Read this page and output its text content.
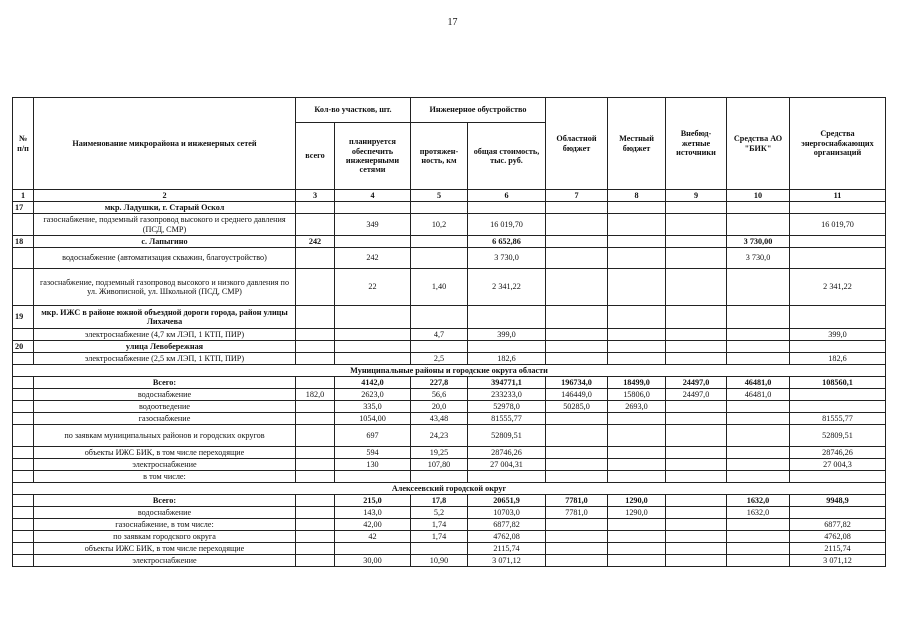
17
№ п/п	Наименование микрорайона и инженерных сетей	Кол-во участков, шт.		Инженерное обустройство		Областной бюджет	Местный бюджет	Внебюд-жетные источники	Средства АО "БИК"	Средства энергоснабжающих организаций
		всего	планируется обеспечить инженерными сетями	протяжен-ность, км	общая стоимость, тыс. руб.					
1	2	3	4	5	6	7	8	9	10	11
17	мкр. Ладушки, г. Старый Оскол									
	газоснабжение, подземный газопровод высокого и среднего давления (ПСД, СМР)		349	10,2	16 019,70					16 019,70
18	с. Лапыгино	242			6 652,86				3 730,00	
	водоснабжение (автоматизация скважин, благоустройство)		242		3 730,0				3 730,0	
	газоснабжение, подземный газопровод высокого и низкого давления по ул. Живописной, ул. Школьной (ПСД, СМР)		22	1,40	2 341,22					2 341,22
19	мкр. ИЖС в районе южной объездной дороги города, район улицы Лихачева									
	электроснабжение (4,7 км ЛЭП, 1 КТП, ПИР)			4,7	399,0					399,0
20	улица Левобережная									
	электроснабжение (2,5 км ЛЭП, 1 КТП, ПИР)			2,5	182,6					182,6
Муниципальные районы и городские округа области										
	Всего:		4142,0	227,8	394771,1	196734,0	18499,0	24497,0	46481,0	108560,1
	водоснабжение	182,0	2623,0	56,6	233233,0	146449,0	15806,0	24497,0	46481,0	
	водоотведение		335,0	20,0	52978,0	50285,0	2693,0			
	газоснабжение		1054,00	43,48	81555,77					81555,77
	по заявкам муниципальных районов и городских округов		697	24,23	52809,51					52809,51
	объекты ИЖС БИК, в том числе переходящие		594	19,25	28746,26					28746,26
	электроснабжение		130	107,80	27 004,31					27 004,3
	в том числе:									
Алексеевский городской округ										
	Всего:		215,0	17,8	20651,9	7781,0	1290,0		1632,0	9948,9
	водоснабжение		143,0	5,2	10703,0	7781,0	1290,0		1632,0	
	газоснабжение, в том числе:		42,00	1,74	6877,82					6877,82
	по заявкам городского округа		42	1,74	4762,08					4762,08
	объекты ИЖС БИК, в том числе переходящие				2115,74					2115,74
	электроснабжение		30,00	10,90	3 071,12					3 071,12
